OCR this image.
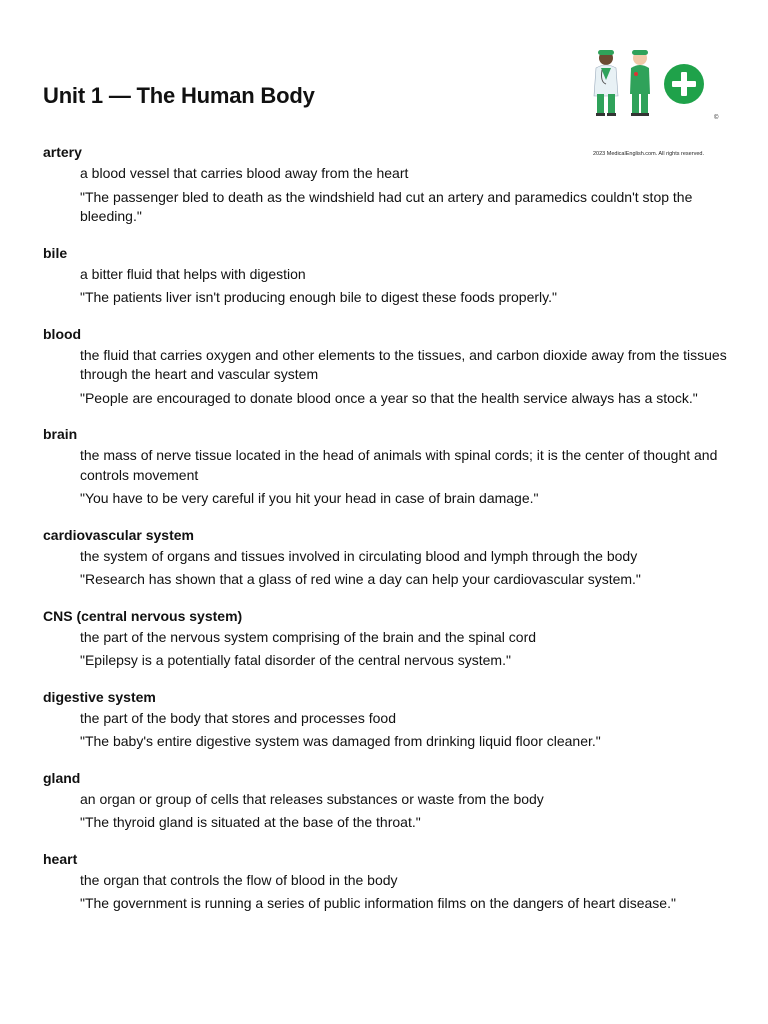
Unit 1 — The Human Body
©
2023 MedicalEnglish.com. All rights reserved.
artery
a blood vessel that carries blood away from the heart
"The passenger bled to death as the windshield had cut an artery and paramedics couldn't stop the bleeding."
bile
a bitter fluid that helps with digestion
"The patients liver isn't producing enough bile to digest these foods properly."
blood
the fluid that carries oxygen and other elements to the tissues, and carbon dioxide away from the tissues through the heart and vascular system
"People are encouraged to donate blood once a year so that the health service always has a stock."
brain
the mass of nerve tissue located in the head of animals with spinal cords; it is the center of thought and controls movement
"You have to be very careful if you hit your head in case of brain damage."
cardiovascular system
the system of organs and tissues involved in circulating blood and lymph through the body
"Research has shown that a glass of red wine a day can help your cardiovascular system."
CNS (central nervous system)
the part of the nervous system comprising of the brain and the spinal cord
"Epilepsy is a potentially fatal disorder of the central nervous system."
digestive system
the part of the body that stores and processes food
"The baby's entire digestive system was damaged from drinking liquid floor cleaner."
gland
an organ or group of cells that releases substances or waste from the body
"The thyroid gland is situated at the base of the throat."
heart
the organ that controls the flow of blood in the body
"The government is running a series of public information films on the dangers of heart disease."
